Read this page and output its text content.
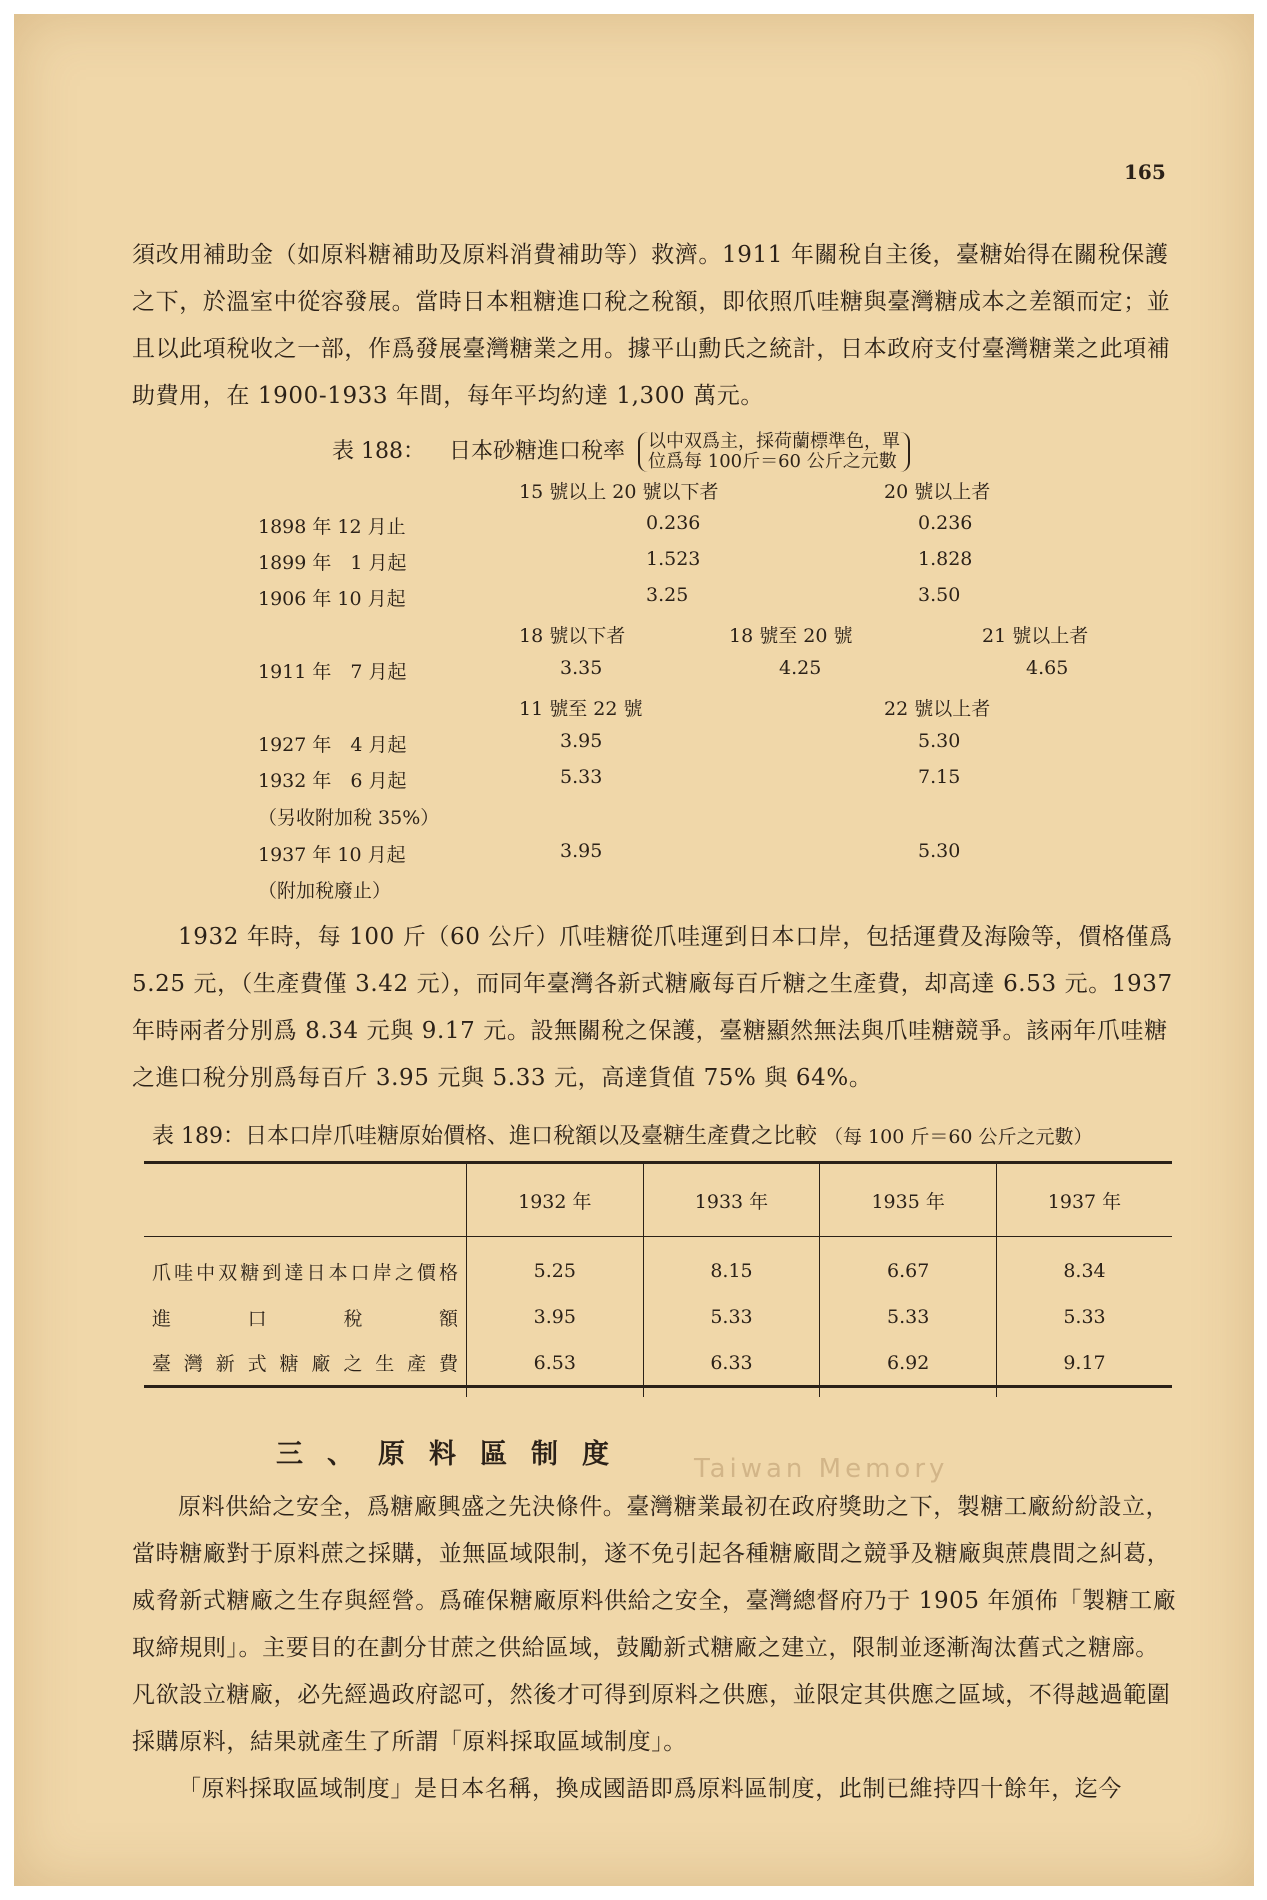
165
須改用補助金（如原料糖補助及原料消費補助等）救濟。1911 年關稅自主後，臺糖始得在關稅保護之下，於溫室中從容發展。當時日本粗糖進口稅之稅額，即依照爪哇糖與臺灣糖成本之差額而定；並且以此項稅收之一部，作爲發展臺灣糖業之用。據平山勳氏之統計，日本政府支付臺灣糖業之此項補助費用，在 1900-1933 年間，每年平均約達 1,300 萬元。
表 188： 日本砂糖進口稅率 以中双爲主，採荷蘭標準色，單
位爲每 100斤＝60 公斤之元數
15 號以上 20 號以下者	20 號以上者
1898 年 12 月止	0.236	0.236
1899 年　1 月起	1.523	1.828
1906 年 10 月起	3.25	3.50
18 號以下者	18 號至 20 號	21 號以上者
1911 年　7 月起	3.35	4.25	4.65
11 號至 22 號	22 號以上者
1927 年　4 月起	3.95	5.30
1932 年　6 月起	5.33	7.15
（另收附加稅 35%）
1937 年 10 月起	3.95	5.30
（附加稅廢止）
1932 年時，每 100 斤（60 公斤）爪哇糖從爪哇運到日本口岸，包括運費及海險等，價格僅爲 5.25 元，（生產費僅 3.42 元），而同年臺灣各新式糖廠每百斤糖之生產費，却高達 6.53 元。1937 年時兩者分別爲 8.34 元與 9.17 元。設無關稅之保護，臺糖顯然無法與爪哇糖競爭。該兩年爪哇糖之進口稅分別爲每百斤 3.95 元與 5.33 元，高達貨值 75% 與 64%。
表 189：日本口岸爪哇糖原始價格、進口稅額以及臺糖生產費之比較 （每 100 斤＝60 公斤之元數）
	1932 年	1933 年	1935 年	1937 年
爪哇中双糖到達日本口岸之價格	5.25	8.15	6.67	8.34
進口稅額	3.95	5.33	5.33	5.33
臺灣新式糖廠之生產費	6.53	6.33	6.92	9.17
三、原料區制度
原料供給之安全，爲糖廠興盛之先決條件。臺灣糖業最初在政府獎助之下，製糖工廠紛紛設立，當時糖廠對于原料蔗之採購，並無區域限制，遂不免引起各種糖廠間之競爭及糖廠與蔗農間之糾葛，威脅新式糖廠之生存與經營。爲確保糖廠原料供給之安全，臺灣總督府乃于 1905 年頒佈「製糖工廠取締規則」。主要目的在劃分甘蔗之供給區域，鼓勵新式糖廠之建立，限制並逐漸淘汰舊式之糖廍。凡欲設立糖廠，必先經過政府認可，然後才可得到原料之供應，並限定其供應之區域，不得越過範圍採購原料，結果就產生了所謂「原料採取區域制度」。
「原料採取區域制度」是日本名稱，換成國語即爲原料區制度，此制已維持四十餘年，迄今
Taiwan Memory
